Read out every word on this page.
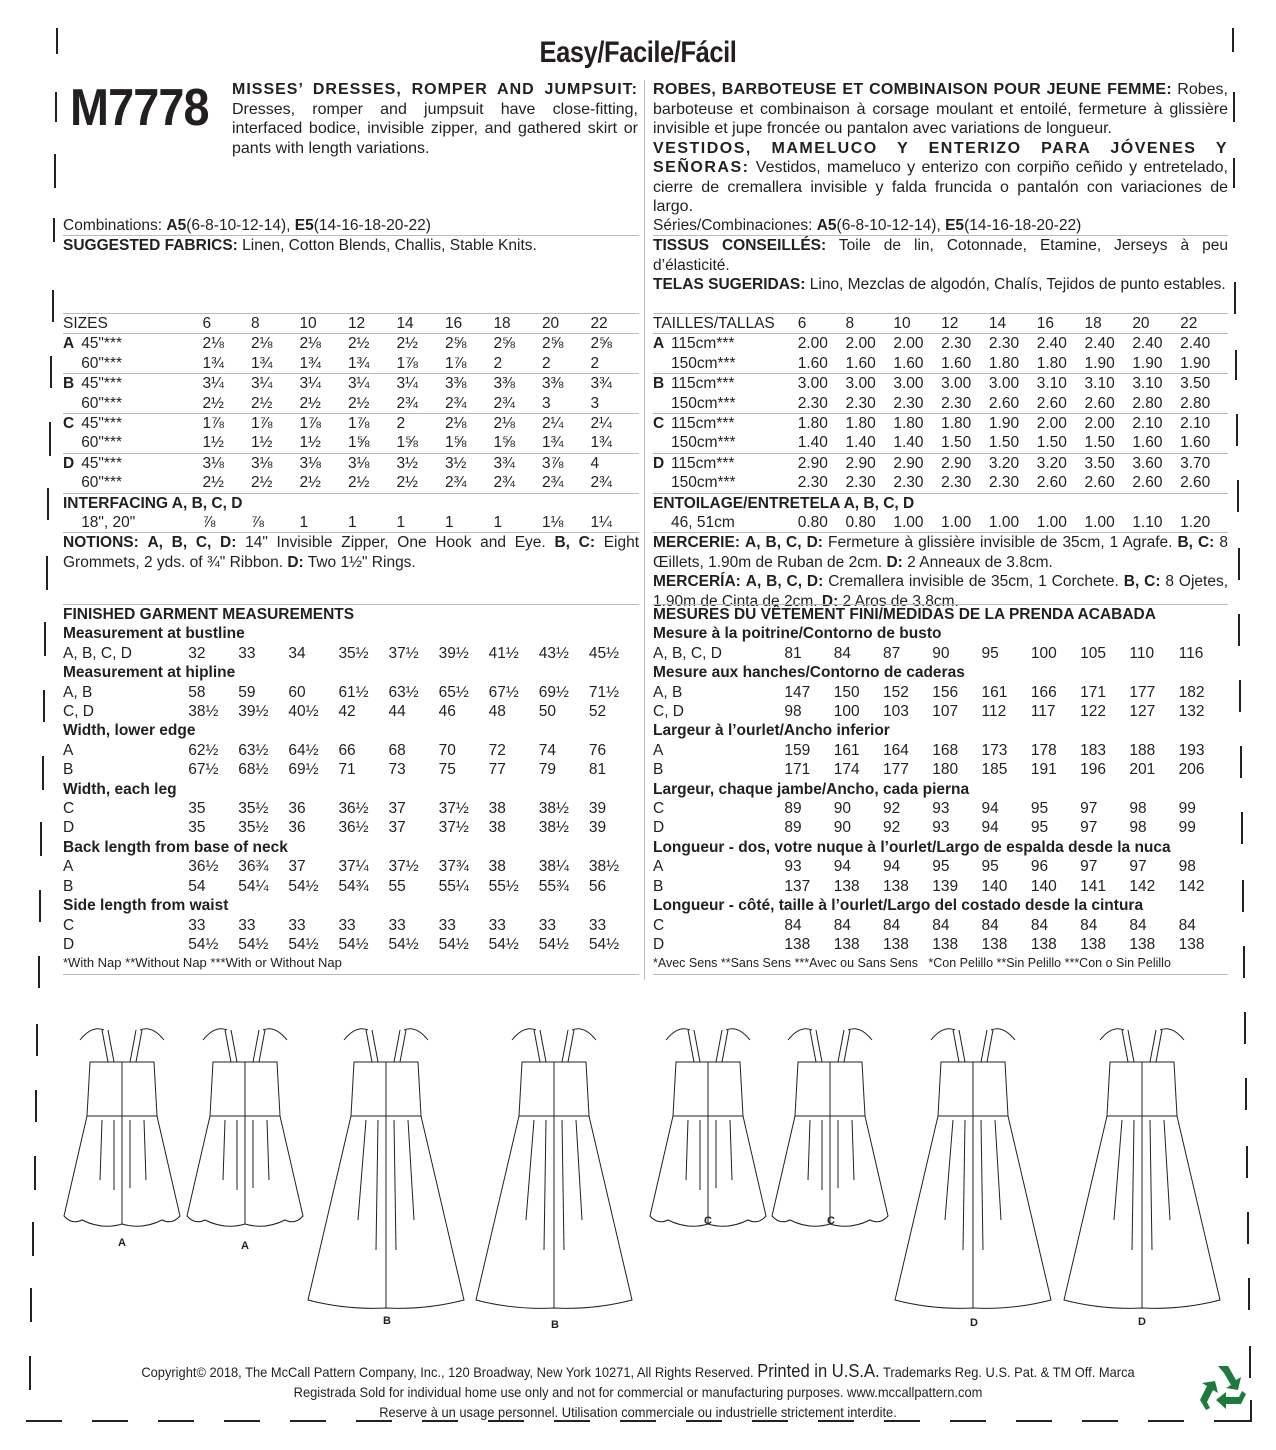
Easy/Facile/Fácil
M7778 MISSES’ DRESSES, ROMPER AND JUMPSUIT: Dresses, romper and jumpsuit have close-fitting, interfaced bodice, invisible zipper, and gathered skirt or pants with length variations.
ROBES, BARBOTEUSE ET COMBINAISON POUR JEUNE FEMME: Robes, barboteuse et combinaison à corsage moulant et entoilé, fermeture à glissière invisible et jupe froncée ou pantalon avec variations de longueur.
VESTIDOS, MAMELUCO Y ENTERIZO PARA JÓVENES Y SEÑORAS: Vestidos, mameluco y enterizo con corpiño ceñido y entretelado, cierre de cremallera invisible y falda fruncida o pantalón con variaciones de largo.
Combinations: A5(6-8-10-12-14), E5(14-16-18-20-22)
SUGGESTED FABRICS: Linen, Cotton Blends, Challis, Stable Knits.
SIZES		6	8	10	12	14	16	18	20	22
A	45"***	2⅛	2⅛	2⅛	2½	2½	2⅝	2⅝	2⅝	2⅝
	60"***	1¾	1¾	1¾	1¾	1⅞	1⅞	2	2	2
B	45"***	3¼	3¼	3¼	3¼	3¼	3⅜	3⅜	3⅜	3¾
	60"***	2½	2½	2½	2½	2¾	2¾	2¾	3	3
C	45"***	1⅞	1⅞	1⅞	1⅞	2	2⅛	2⅛	2¼	2¼
	60"***	1½	1½	1½	1⅝	1⅝	1⅝	1⅝	1¾	1¾
D	45"***	3⅛	3⅛	3⅛	3⅛	3½	3½	3¾	3⅞	4
	60"***	2½	2½	2½	2½	2½	2¾	2¾	2¾	2¾
INTERFACING A, B, C, D										
	18", 20"	⅞	⅞	1	1	1	1	1	1⅛	1¼
NOTIONS: A, B, C, D: 14" Invisible Zipper, One Hook and Eye. B, C: Eight Grommets, 2 yds. of ¾" Ribbon. D: Two 1½" Rings.
FINISHED GARMENT MEASUREMENTS									
Measurement at bustline									
A, B, C, D	32	33	34	35½	37½	39½	41½	43½	45½
Measurement at hipline									
A, B	58	59	60	61½	63½	65½	67½	69½	71½
C, D	38½	39½	40½	42	44	46	48	50	52
Width, lower edge									
A	62½	63½	64½	66	68	70	72	74	76
B	67½	68½	69½	71	73	75	77	79	81
Width, each leg									
C	35	35½	36	36½	37	37½	38	38½	39
D	35	35½	36	36½	37	37½	38	38½	39
Back length from base of neck									
A	36½	36¾	37	37¼	37½	37¾	38	38¼	38½
B	54	54¼	54½	54¾	55	55¼	55½	55¾	56
Side length from waist									
C	33	33	33	33	33	33	33	33	33
D	54½	54½	54½	54½	54½	54½	54½	54½	54½
*With Nap **Without Nap ***With or Without Nap
Séries/Combinaciones: A5(6-8-10-12-14), E5(14-16-18-20-22)
TISSUS CONSEILLÉS: Toile de lin, Cotonnade, Etamine, Jerseys à peu d’élasticité.
TELAS SUGERIDAS: Lino, Mezclas de algodón, Chalís, Tejidos de punto estables.
TAILLES/TALLAS		6	8	10	12	14	16	18	20	22
A	115cm***	2.00	2.00	2.00	2.30	2.30	2.40	2.40	2.40	2.40
	150cm***	1.60	1.60	1.60	1.60	1.80	1.80	1.90	1.90	1.90
B	115cm***	3.00	3.00	3.00	3.00	3.00	3.10	3.10	3.10	3.50
	150cm***	2.30	2.30	2.30	2.30	2.60	2.60	2.60	2.80	2.80
C	115cm***	1.80	1.80	1.80	1.80	1.90	2.00	2.00	2.10	2.10
	150cm***	1.40	1.40	1.40	1.50	1.50	1.50	1.50	1.60	1.60
D	115cm***	2.90	2.90	2.90	2.90	3.20	3.20	3.50	3.60	3.70
	150cm***	2.30	2.30	2.30	2.30	2.30	2.60	2.60	2.60	2.60
ENTOILAGE/ENTRETELA A, B, C, D										
	46, 51cm	0.80	0.80	1.00	1.00	1.00	1.00	1.00	1.10	1.20
MERCERIE: A, B, C, D: Fermeture à glissière invisible de 35cm, 1 Agrafe. B, C: 8 Œillets, 1.90m de Ruban de 2cm. D: 2 Anneaux de 3.8cm.
MERCERÍA: A, B, C, D: Cremallera invisible de 35cm, 1 Corchete. B, C: 8 Ojetes, 1.90m de Cinta de 2cm. D: 2 Aros de 3.8cm.
MESURES DU VÊTEMENT FINI/MEDIDAS DE LA PRENDA ACABADA									
Mesure à la poitrine/Contorno de busto									
A, B, C, D	81	84	87	90	95	100	105	110	116
Mesure aux hanches/Contorno de caderas									
A, B	147	150	152	156	161	166	171	177	182
C, D	98	100	103	107	112	117	122	127	132
Largeur à l’ourlet/Ancho inferior									
A	159	161	164	168	173	178	183	188	193
B	171	174	177	180	185	191	196	201	206
Largeur, chaque jambe/Ancho, cada pierna									
C	89	90	92	93	94	95	97	98	99
D	89	90	92	93	94	95	97	98	99
Longueur - dos, votre nuque à l’ourlet/Largo de espalda desde la nuca									
A	93	94	94	95	95	96	97	97	98
B	137	138	138	139	140	140	141	142	142
Longueur - côté, taille à l’ourlet/Largo del costado desde la cintura									
C	84	84	84	84	84	84	84	84	84
D	138	138	138	138	138	138	138	138	138
*Avec Sens **Sans Sens ***Avec ou Sans Sens   *Con Pelillo **Sin Pelillo ***Con o Sin Pelillo
A	A
B	B
C	C
D	D
Copyright© 2018, The McCall Pattern Company, Inc., 120 Broadway, New York 10271, All Rights Reserved. Printed in U.S.A. Trademarks Reg. U.S. Pat. & TM Off. Marca
Registrada Sold for individual home use only and not for commercial or manufacturing purposes. www.mccallpattern.com
Reserve à un usage personnel. Utilisation commerciale ou industrielle strictement interdite.
